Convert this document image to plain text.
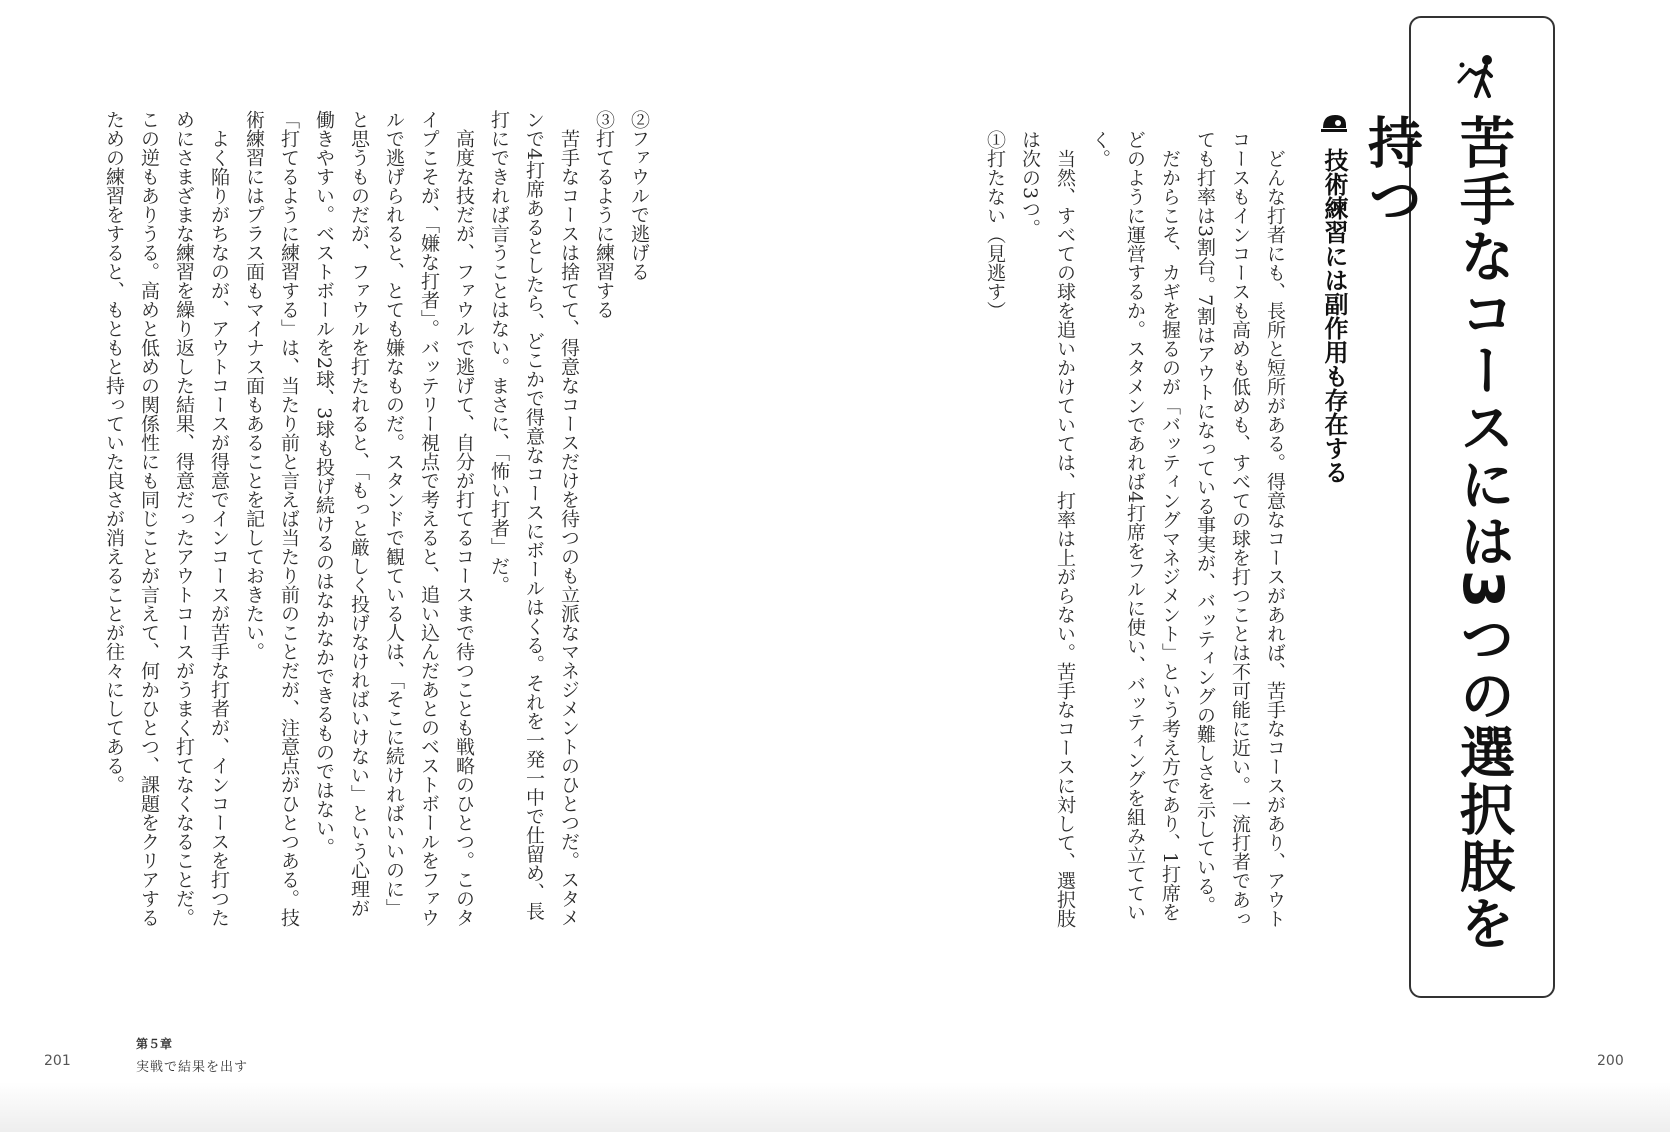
苦手なコースには3つの選択肢を持つ
技術練習には副作用も存在する

どんな打者にも、長所と短所がある。得意なコースがあれば、苦手なコースがあり、アウトコースもインコースも高めも低めも、すべての球を打つことは不可能に近い。一流打者であっても打率は3割台。7割はアウトになっている事実が、バッティングの難しさを示している。

だからこそ、カギを握るのが「バッティングマネジメント」という考え方であり、1打席をどのように運営するか。スタメンであれば4打席をフルに使い、バッティングを組み立てていく。

当然、すべての球を追いかけていては、打率は上がらない。苦手なコースに対して、選択肢は次の3つ。

①打たない（見逃す）

②ファウルで逃げる

③打てるように練習する

苦手なコースは捨てて、得意なコースだけを待つのも立派なマネジメントのひとつだ。スタメンで4打席あるとしたら、どこかで得意なコースにボールはくる。それを一発一中で仕留め、長打にできれば言うことはない。まさに、「怖い打者」だ。

高度な技だが、ファウルで逃げて、自分が打てるコースまで待つことも戦略のひとつ。このタイプこそが、「嫌な打者」。バッテリー視点で考えると、追い込んだあとのベストボールをファウルで逃げられると、とても嫌なものだ。スタンドで観ている人は、「そこに続ければいいのに」と思うものだが、ファウルを打たれると、「もっと厳しく投げなければいけない」という心理が働きやすい。ベストボールを2球、3球も投げ続けるのはなかなかできるものではない。

「打てるように練習する」は、当たり前と言えば当たり前のことだが、注意点がひとつある。技術練習にはプラス面もマイナス面もあることを記しておきたい。

よく陥りがちなのが、アウトコースが得意でインコースが苦手な打者が、インコースを打つためにさまざまな練習を繰り返した結果、得意だったアウトコースがうまく打てなくなることだ。この逆もありうる。高めと低めの関係性にも同じことが言えて、何かひとつ、課題をクリアするための練習をすると、もともと持っていた良さが消えることが往々にしてある。

201
第５章
実戦で結果を出す	200
